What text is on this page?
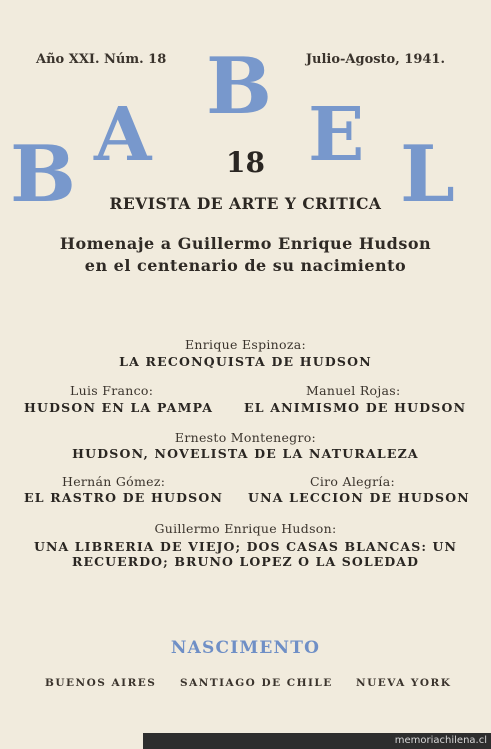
Año XXI. Núm. 18	Julio-Agosto, 1941.
B A
B
E L
18
REVISTA DE ARTE Y CRITICA
Homenaje a Guillermo Enrique Hudson
en el centenario de su nacimiento
Enrique Espinoza:
LA RECONQUISTA DE HUDSON
Luis Franco:
HUDSON EN LA PAMPA
Manuel Rojas:
EL ANIMISMO DE HUDSON
Ernesto Montenegro:
HUDSON, NOVELISTA DE LA NATURALEZA
Hernán Gómez:
EL RASTRO DE HUDSON
Ciro Alegría:
UNA LECCION DE HUDSON
Guillermo Enrique Hudson:
UNA LIBRERIA DE VIEJO; DOS CASAS BLANCAS: UN
RECUERDO; BRUNO LOPEZ O LA SOLEDAD
NASCIMENTO
BUENOS AIRES SANTIAGO DE CHILE NUEVA YORK
memoriachilena.cl
